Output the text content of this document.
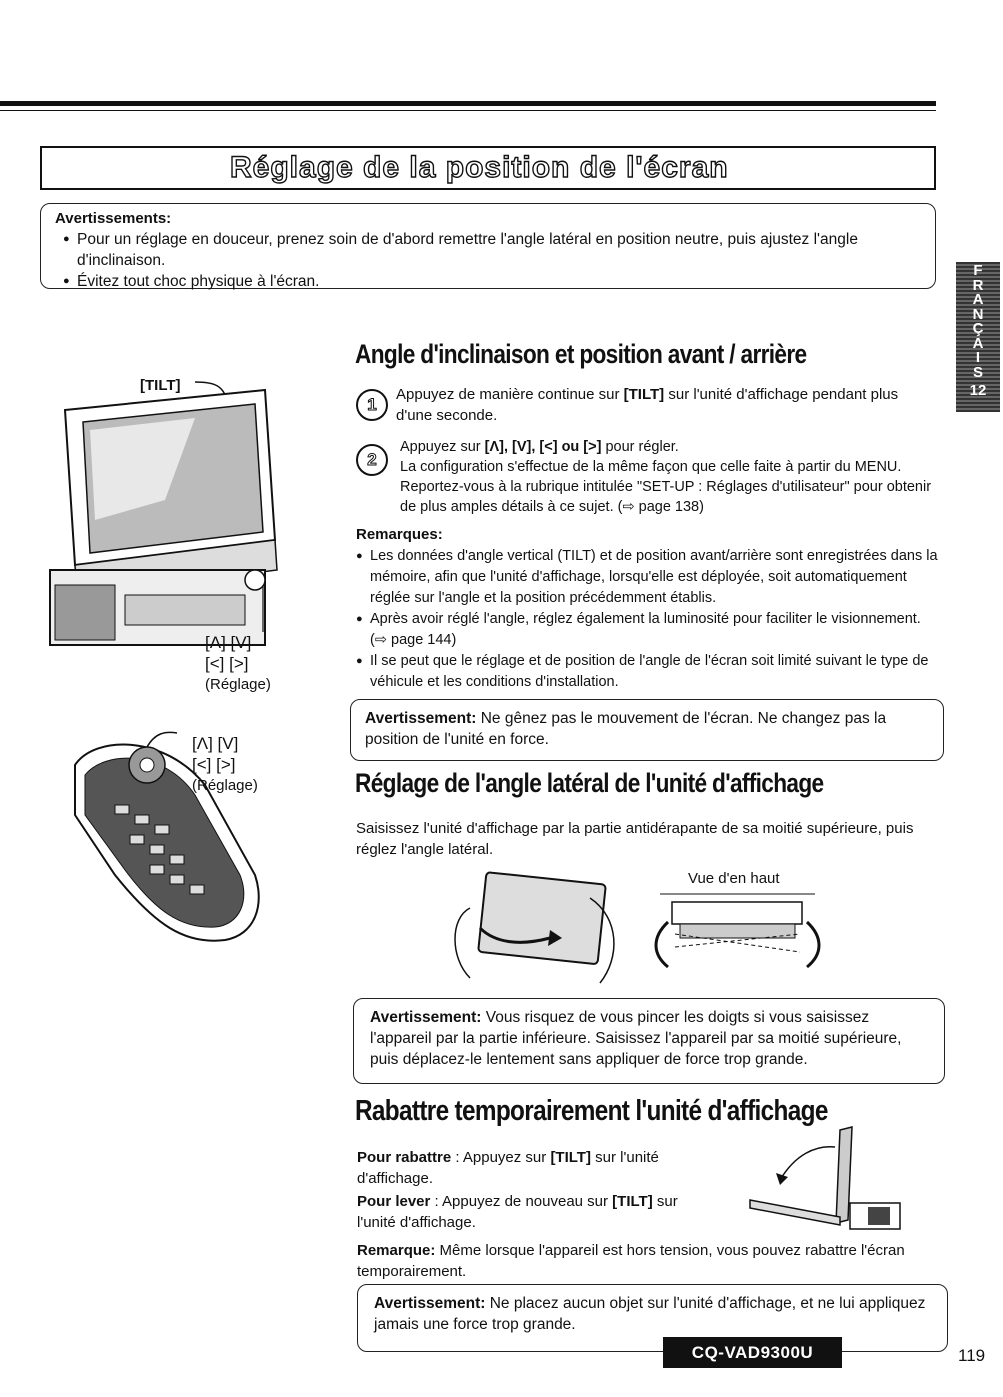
Réglage de la position de l'écran
Avertissements:
● Pour un réglage en douceur, prenez soin de d'abord remettre l'angle latéral en position neutre, puis ajustez l'angle d'inclinaison.
● Évitez tout choc physique à l'écran.
F
R
A
N
Ç
A
I
S
12
[TILT]
[Λ] [V]
[<] [>]
(Réglage)
[Λ] [V]
[<] [>]
(Réglage)
Angle d'inclinaison et position avant / arrière
1
Appuyez de manière continue sur [TILT] sur l'unité d'affichage pendant plus d'une seconde.
2
Appuyez sur [Λ], [V], [<] ou [>] pour régler.
La configuration s'effectue de la même façon que celle faite à partir du MENU. Reportez-vous à la rubrique intitulée "SET-UP : Réglages d'utilisateur" pour obtenir de plus amples détails à ce sujet. (⇨ page 138)
Remarques:
● Les données d'angle vertical (TILT) et de position avant/arrière sont enregistrées dans la mémoire, afin que l'unité d'affichage, lorsqu'elle est déployée, soit automatiquement réglée sur l'angle et la position précédemment établis.
● Après avoir réglé l'angle, réglez également la luminosité pour faciliter le visionnement. (⇨ page 144)
● Il se peut que le réglage et de position de l'angle de l'écran soit limité suivant le type de véhicule et les conditions d'installation.
Avertissement: Ne gênez pas le mouvement de l'écran. Ne changez pas la position de l'unité en force.
Réglage de l'angle latéral de l'unité d'affichage
Saisissez l'unité d'affichage par la partie antidérapante de sa moitié supérieure, puis réglez l'angle latéral.
Vue d'en haut
Avertissement: Vous risquez de vous pincer les doigts si vous saisissez l'appareil par la partie inférieure. Saisissez l'appareil par sa moitié supérieure, puis déplacez-le lentement sans appliquer de force trop grande.
Rabattre temporairement l'unité d'affichage
Pour rabattre : Appuyez sur [TILT] sur l'unité d'affichage.
Pour lever : Appuyez de nouveau sur [TILT] sur l'unité d'affichage.
Remarque: Même lorsque l'appareil est hors tension, vous pouvez rabattre l'écran temporairement.
Avertissement: Ne placez aucun objet sur l'unité d'affichage, et ne lui appliquez jamais une force trop grande.
CQ-VAD9300U	119
